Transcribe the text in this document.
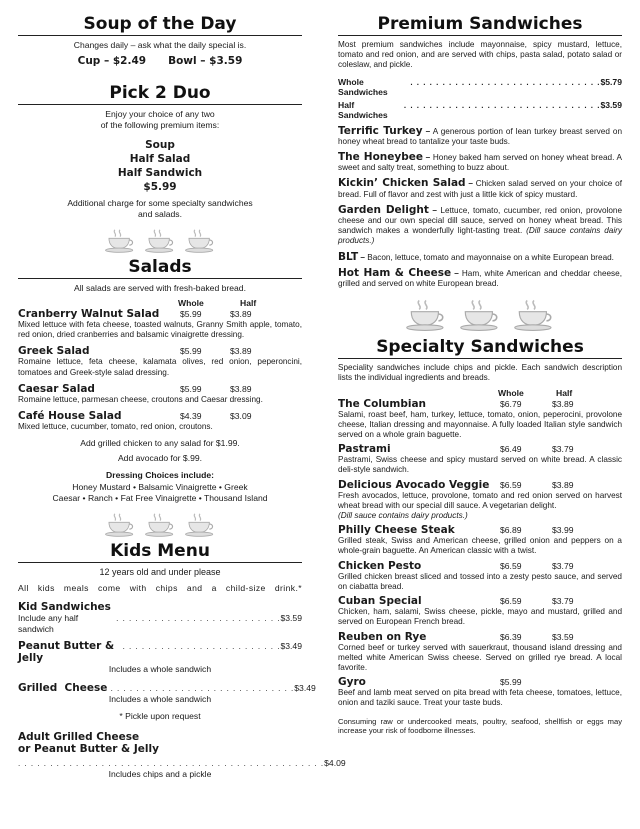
Soup of the Day
Changes daily – ask what the daily special is.
Cup – $2.49 Bowl – $3.59
Pick 2 Duo
Enjoy your choice of any two
of the following premium items:
Soup
Half Salad
Half Sandwich
$5.99
Additional charge for some specialty sandwiches
and salads.
Salads
All salads are served with fresh-baked bread.
Whole	Half
Cranberry Walnut Salad	$5.99	$3.89
Mixed lettuce with feta cheese, toasted walnuts, Granny Smith apple, tomato, red onion, dried cranberries and balsamic vinaigrette dressing.
Greek Salad	$5.99	$3.89
Romaine lettuce, feta cheese, kalamata olives, red onion, peperoncini, tomatoes and Greek-style salad dressing.
Caesar Salad	$5.99	$3.89
Romaine lettuce, parmesan cheese, croutons and Caesar dressing.
Café House Salad	$4.39	$3.09
Mixed lettuce, cucumber, tomato, red onion, croutons.
Add grilled chicken to any salad for $1.99.
Add avocado for $.99.
Dressing Choices include:
Honey Mustard • Balsamic Vinaigrette • Greek
Caesar • Ranch • Fat Free Vinaigrette • Thousand Island
Kids Menu
12 years old and under please
All kids meals come with chips and a child-size drink.*
Kid Sandwiches
Include any half sandwich
. . . . . . . . . . . . . . . . . . . . . . . . . . $3.59
Peanut Butter & Jelly
. . . . . . . . . . . . . . . . . . . . . . . . . $3.49
Includes a whole sandwich
Grilled  Cheese . . . . . . . . . . . . . . . . . . . . . . . . . . . . . $3.49
Includes a whole sandwich
* Pickle upon request
Adult Grilled Cheese
or Peanut Butter & Jelly
. . . . . . . . . . . . . . . . . . . . . . . . . . . . . . . . . . . . . . . . . . . . . . . . $4.09
Includes chips and a pickle
Premium Sandwiches
Most premium sandwiches include mayonnaise, spicy mustard, lettuce, tomato and red onion, and are served with chips, pasta salad, potato salad or coleslaw, and pickle.
Whole Sandwiches
. . . . . . . . . . . . . . . . . . . . . . . . . . . . . . $5.79
Half Sandwiches
. . . . . . . . . . . . . . . . . . . . . . . . . . . . . . . $3.59
Terrific Turkey – A generous portion of lean turkey breast served on honey wheat bread to tantalize your taste buds.
The Honeybee – Honey baked ham served on honey wheat bread. A sweet and salty treat, something to buzz about.
Kickin’ Chicken Salad – Chicken salad served on your choice of bread. Full of flavor and zest with just a little kick of spicy mustard.
Garden Delight – Lettuce, tomato, cucumber, red onion, provolone cheese and our own special dill sauce, served on honey wheat bread. This sandwich makes a wonderfully light-tasting treat. (Dill sauce contains dairy products.)
BLT – Bacon, lettuce, tomato and mayonnaise on a white European bread.
Hot Ham & Cheese – Ham, white American and cheddar cheese, grilled and served on white European bread.
Specialty Sandwiches
Speciality sandwiches include chips and pickle. Each sandwich description lists the individual ingredients and breads.
Whole	Half
The Columbian	$6.79	$3.89
Salami, roast beef, ham, turkey, lettuce, tomato, onion, peperocini, provolone cheese, Italian dressing and mayonnaise. A fully loaded Italian style sandwich served on a whole grain baguette.
Pastrami	$6.49	$3.79
Pastrami, Swiss cheese and spicy mustard served on white bread. A classic deli-style sandwich.
Delicious Avocado Veggie	$6.59	$3.89
Fresh avocados, lettuce, provolone, tomato and red onion served on harvest wheat bread with our special dill sauce. A vegetarian delight.
(Dill sauce contains dairy products.)
Philly Cheese Steak	$6.89	$3.99
Grilled steak, Swiss and American cheese, grilled onion and peppers on a whole-grain baguette. An American classic with a twist.
Chicken Pesto	$6.59	$3.79
Grilled chicken breast sliced and tossed into a zesty pesto sauce, and served on ciabatta bread.
Cuban Special	$6.59	$3.79
Chicken, ham, salami, Swiss cheese, pickle, mayo and mustard, grilled and served on European French bread.
Reuben on Rye	$6.39	$3.59
Corned beef or turkey served with sauerkraut, thousand island dressing and melted white American Swiss cheese. Served on grilled rye bread. A local favorite.
Gyro	$5.99
Beef and lamb meat served on pita bread with feta cheese, tomatoes, lettuce, onion and taziki sauce. Treat your taste buds.
Consuming raw or undercooked meats, poultry, seafood, shellfish or eggs may increase your risk of foodborne illnesses.
